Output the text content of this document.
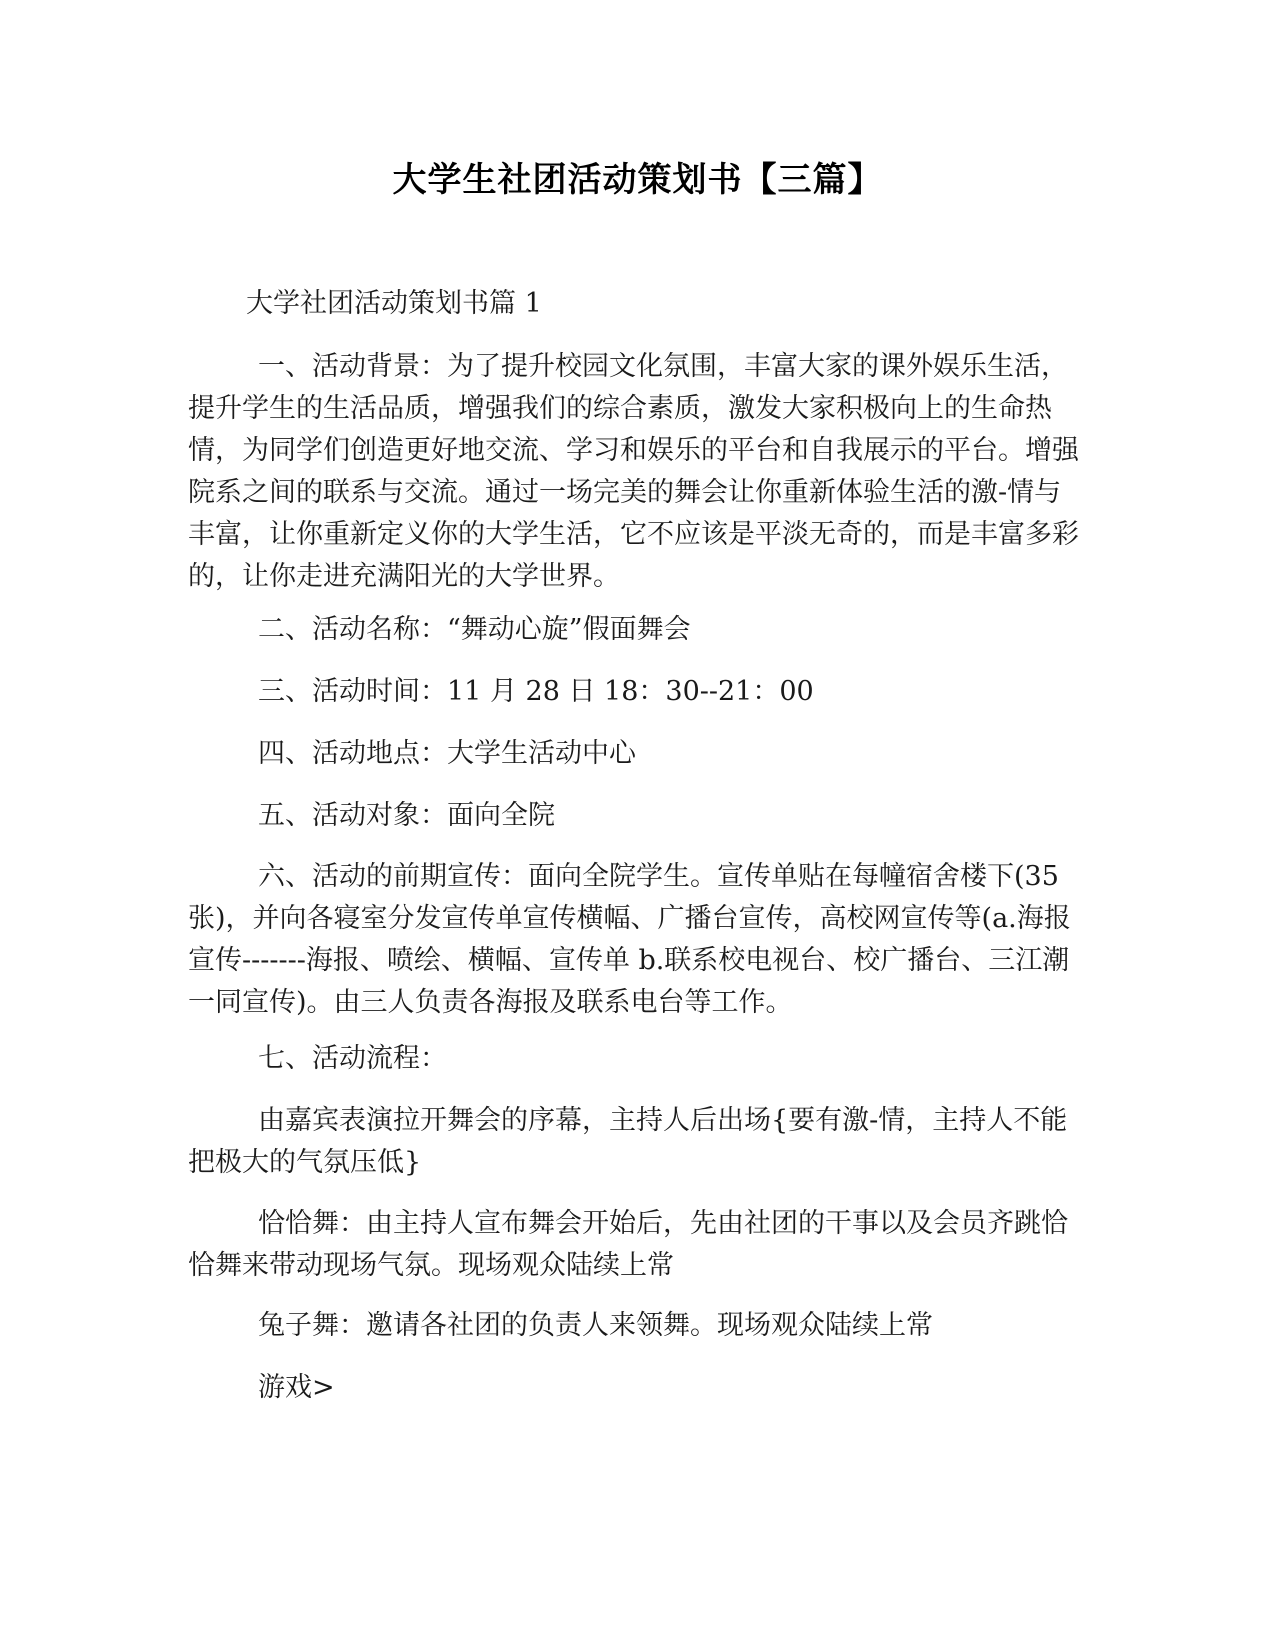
大学生社团活动策划书【三篇】

大学社团活动策划书篇 1

一、活动背景：为了提升校园文化氛围，丰富大家的课外娱乐生活，提升学生的生活品质，增强我们的综合素质，激发大家积极向上的生命热情，为同学们创造更好地交流、学习和娱乐的平台和自我展示的平台。增强院系之间的联系与交流。通过一场完美的舞会让你重新体验生活的激-情与丰富，让你重新定义你的大学生活，它不应该是平淡无奇的，而是丰富多彩的，让你走进充满阳光的大学世界。

二、活动名称：“舞动心旋”假面舞会

三、活动时间：11 月 28 日 18：30--21：00

四、活动地点：大学生活动中心

五、活动对象：面向全院

六、活动的前期宣传：面向全院学生。宣传单贴在每幢宿舍楼下(35 张)，并向各寝室分发宣传单宣传横幅、广播台宣传，高校网宣传等(a.海报宣传-------海报、喷绘、横幅、宣传单 b.联系校电视台、校广播台、三江潮一同宣传)。由三人负责各海报及联系电台等工作。

七、活动流程：

由嘉宾表演拉开舞会的序幕，主持人后出场{要有激-情，主持人不能把极大的气氛压低}

恰恰舞：由主持人宣布舞会开始后，先由社团的干事以及会员齐跳恰恰舞来带动现场气氛。现场观众陆续上常

兔子舞：邀请各社团的负责人来领舞。现场观众陆续上常

游戏>
